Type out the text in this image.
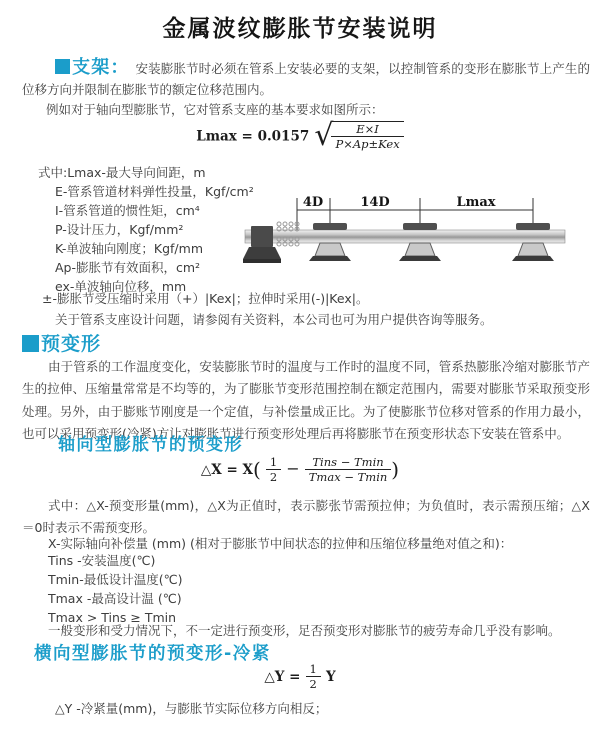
金属波纹膨胀节安装说明
支架： 安装膨胀节时必须在管系上安装必要的支架，以控制管系的变形在膨胀节上产生的位移方向并限制在膨胀节的额定位移范围内。
例如对于轴向型膨胀节，它对管系支座的基本要求如图所示：
Lmax = 0.0157 √
$\frac{E\times I}{\text{P×Ap±Kex}}$
式中:Lmax-最大导向间距，m
E-管系管道材料弹性投量，Kgf/cm²
I-管系管道的惯性矩，cm⁴
P-设计压力，Kgf/mm²
K-单波轴向刚度；Kgf/mm
Ap-膨胀节有效面积，cm²
ex-单波轴向位移，mm
±-膨胀节受压缩时采用（+）|Kex|；拉伸时采用(-)|Kex|。
关于管系支座设计问题，请参阅有关资料，本公司也可为用户提供咨询等服务。
4D	14D	Lmax
预变形
由于管系的工作温度变化，安装膨胀节时的温度与工作时的温度不同，管系热膨胀冷缩对膨胀节产生的拉伸、压缩量常常是不均等的，为了膨胀节变形范围控制在额定范围内，需要对膨胀节采取预变形处理。另外，由于膨账节刚度是一个定值，与补偿量成正比。为了使膨胀节位移对管系的作用力最小，也可以采用预变形(冷紧)方让对膨胀节进行预变形处理后再将膨胀节在预变形状态下安装在管系中。
轴向型膨胀节的预变形
△X = $X( \frac{1}{2} - \frac{\text{Tins − Tmin}}{Tmax - Tmin}$ )
式中：△X-预变形量(mm)，△X为正值时，表示膨张节需预拉伸；为负值时，表示需预压缩；△X＝0时表示不需预变形。
X-实际轴向补偿量 (mm) (相对于膨胀节中间状态的拉伸和压缩位移量绝对值之和)：
Tins -安装温度(℃)
Tmin-最低设计温度(℃)
Tmax -最高设计温 (℃)
Tmax > Tins ≥ Tmin
一般变形和受力情况下，不一定进行预变形，足否预变形对膨胀节的疲劳寿命几乎没有影响。
横向型膨胀节的预变形-冷紧
△Y = $\frac{1}{2}$ Y
△Y -冷紧量(mm)，与膨胀节实际位移方向相反；
